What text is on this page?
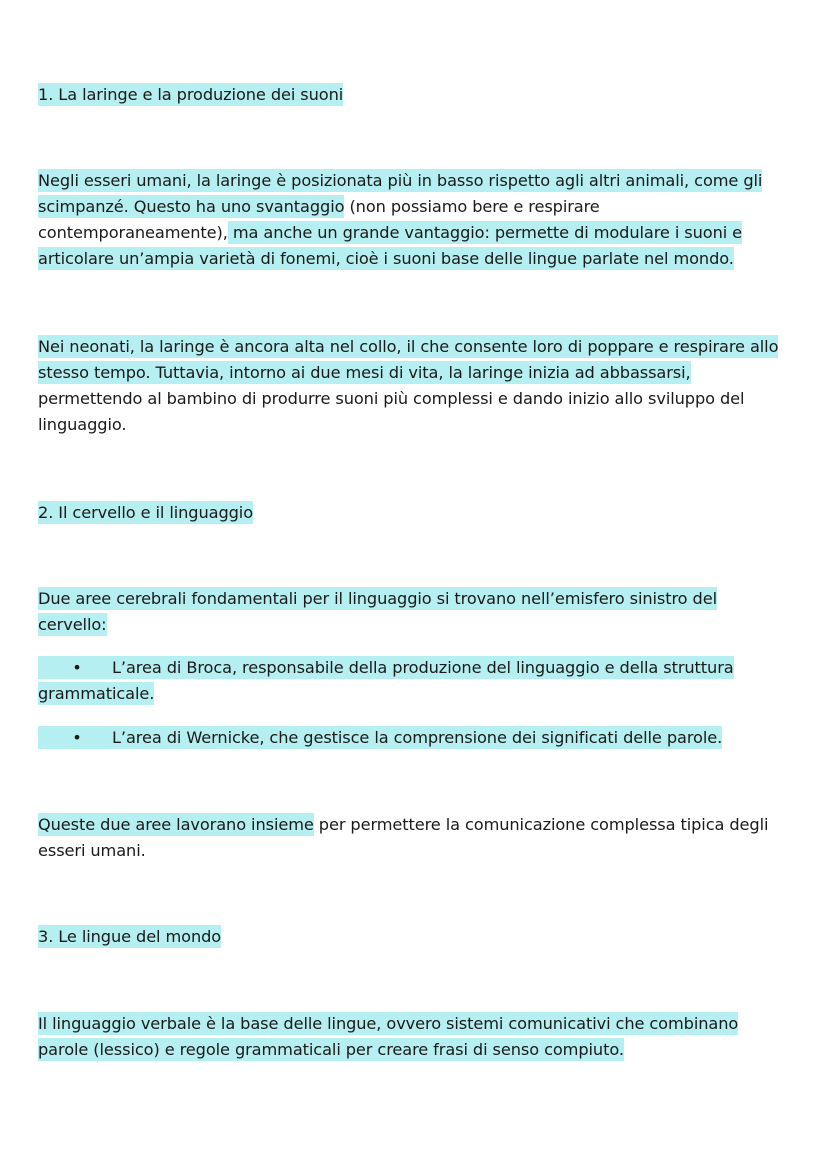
1. La laringe e la produzione dei suoni
Negli esseri umani, la laringe è posizionata più in basso rispetto agli altri animali, come gli scimpanzé. Questo ha uno svantaggio (non possiamo bere e respirare contemporaneamente), ma anche un grande vantaggio: permette di modulare i suoni e articolare un’ampia varietà di fonemi, cioè i suoni base delle lingue parlate nel mondo.
Nei neonati, la laringe è ancora alta nel collo, il che consente loro di poppare e respirare allo stesso tempo. Tuttavia, intorno ai due mesi di vita, la laringe inizia ad abbassarsi, permettendo al bambino di produrre suoni più complessi e dando inizio allo sviluppo del linguaggio.
2. Il cervello e il linguaggio
Due aree cerebrali fondamentali per il linguaggio si trovano nell’emisfero sinistro del cervello:
• L’area di Broca, responsabile della produzione del linguaggio e della struttura grammaticale.
• L’area di Wernicke, che gestisce la comprensione dei significati delle parole.
Queste due aree lavorano insieme per permettere la comunicazione complessa tipica degli esseri umani.
3. Le lingue del mondo
Il linguaggio verbale è la base delle lingue, ovvero sistemi comunicativi che combinano parole (lessico) e regole grammaticali per creare frasi di senso compiuto.
